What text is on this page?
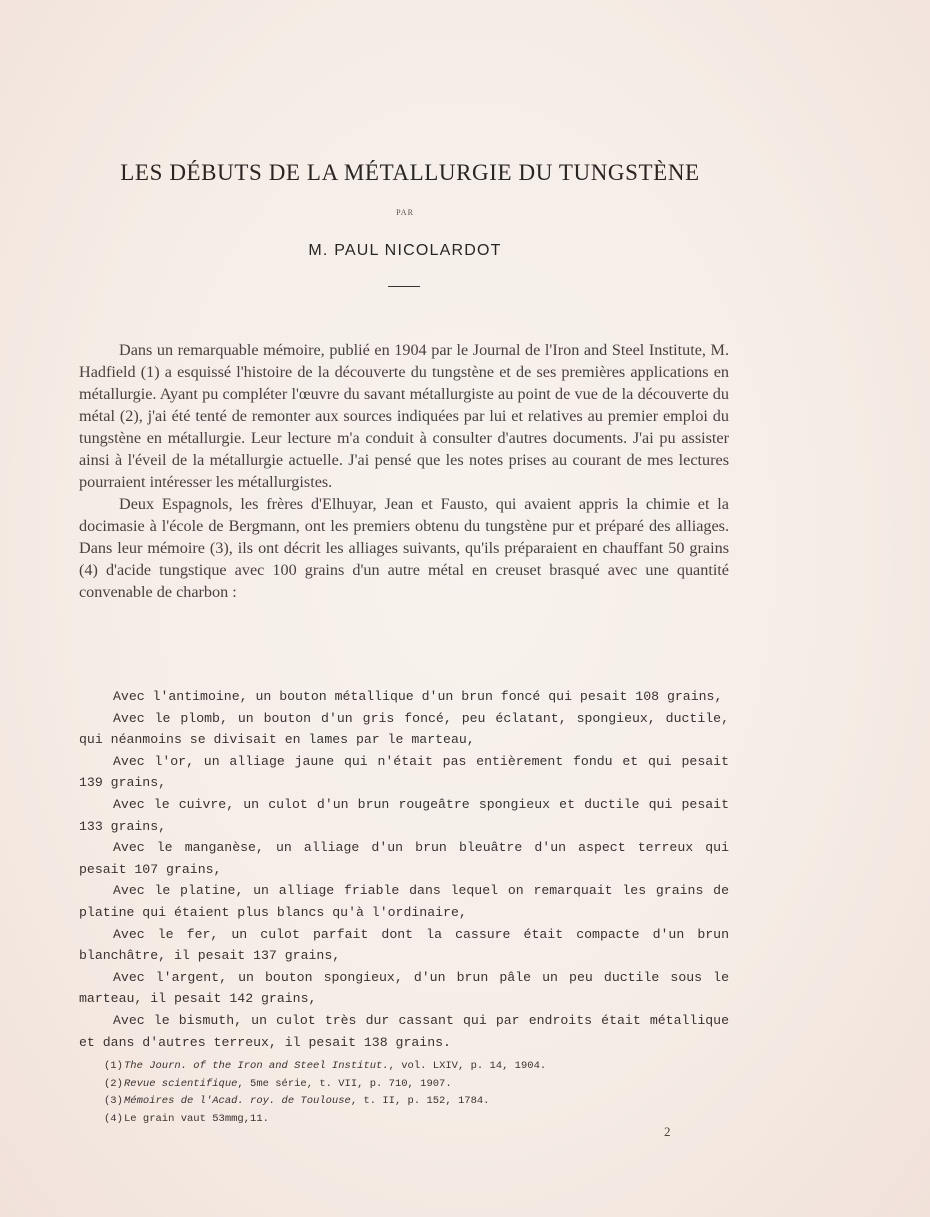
LES DÉBUTS DE LA MÉTALLURGIE DU TUNGSTÈNE
PAR
M. PAUL NICOLARDOT

Dans un remarquable mémoire, publié en 1904 par le Journal de l'Iron and Steel Institute, M. Hadfield (1) a esquissé l'histoire de la découverte du tungstène et de ses premières applications en métallurgie. Ayant pu compléter l'œuvre du savant métallurgiste au point de vue de la découverte du métal (2), j'ai été tenté de remonter aux sources indiquées par lui et relatives au premier emploi du tungstène en métallurgie. Leur lecture m'a conduit à consulter d'autres documents. J'ai pu assister ainsi à l'éveil de la métallurgie actuelle. J'ai pensé que les notes prises au courant de mes lectures pourraient intéresser les métallurgistes.

Deux Espagnols, les frères d'Elhuyar, Jean et Fausto, qui avaient appris la chimie et la docimasie à l'école de Bergmann, ont les premiers obtenu du tungstène pur et préparé des alliages. Dans leur mémoire (3), ils ont décrit les alliages suivants, qu'ils préparaient en chauffant 50 grains (4) d'acide tungstique avec 100 grains d'un autre métal en creuset brasqué avec une quantité convenable de charbon :

Avec l'antimoine, un bouton métallique d'un brun foncé qui pesait 108 grains,

Avec le plomb, un bouton d'un gris foncé, peu éclatant, spongieux, ductile, qui néanmoins se divisait en lames par le marteau,

Avec l'or, un alliage jaune qui n'était pas entièrement fondu et qui pesait 139 grains,

Avec le cuivre, un culot d'un brun rougeâtre spongieux et ductile qui pesait 133 grains,

Avec le manganèse, un alliage d'un brun bleuâtre d'un aspect terreux qui pesait 107 grains,

Avec le platine, un alliage friable dans lequel on remarquait les grains de platine qui étaient plus blancs qu'à l'ordinaire,

Avec le fer, un culot parfait dont la cassure était compacte d'un brun blanchâtre, il pesait 137 grains,

Avec l'argent, un bouton spongieux, d'un brun pâle un peu ductile sous le marteau, il pesait 142 grains,

Avec le bismuth, un culot très dur cassant qui par endroits était métallique et dans d'autres terreux, il pesait 138 grains.

(1)The Journ. of the Iron and Steel Institut., vol. LXIV, p. 14, 1904.
(2)Revue scientifique, 5me série, t. VII, p. 710, 1907.
(3)Mémoires de l'Acad. roy. de Toulouse, t. II, p. 152, 1784.
(4)Le grain vaut 53mmg,11.
2
